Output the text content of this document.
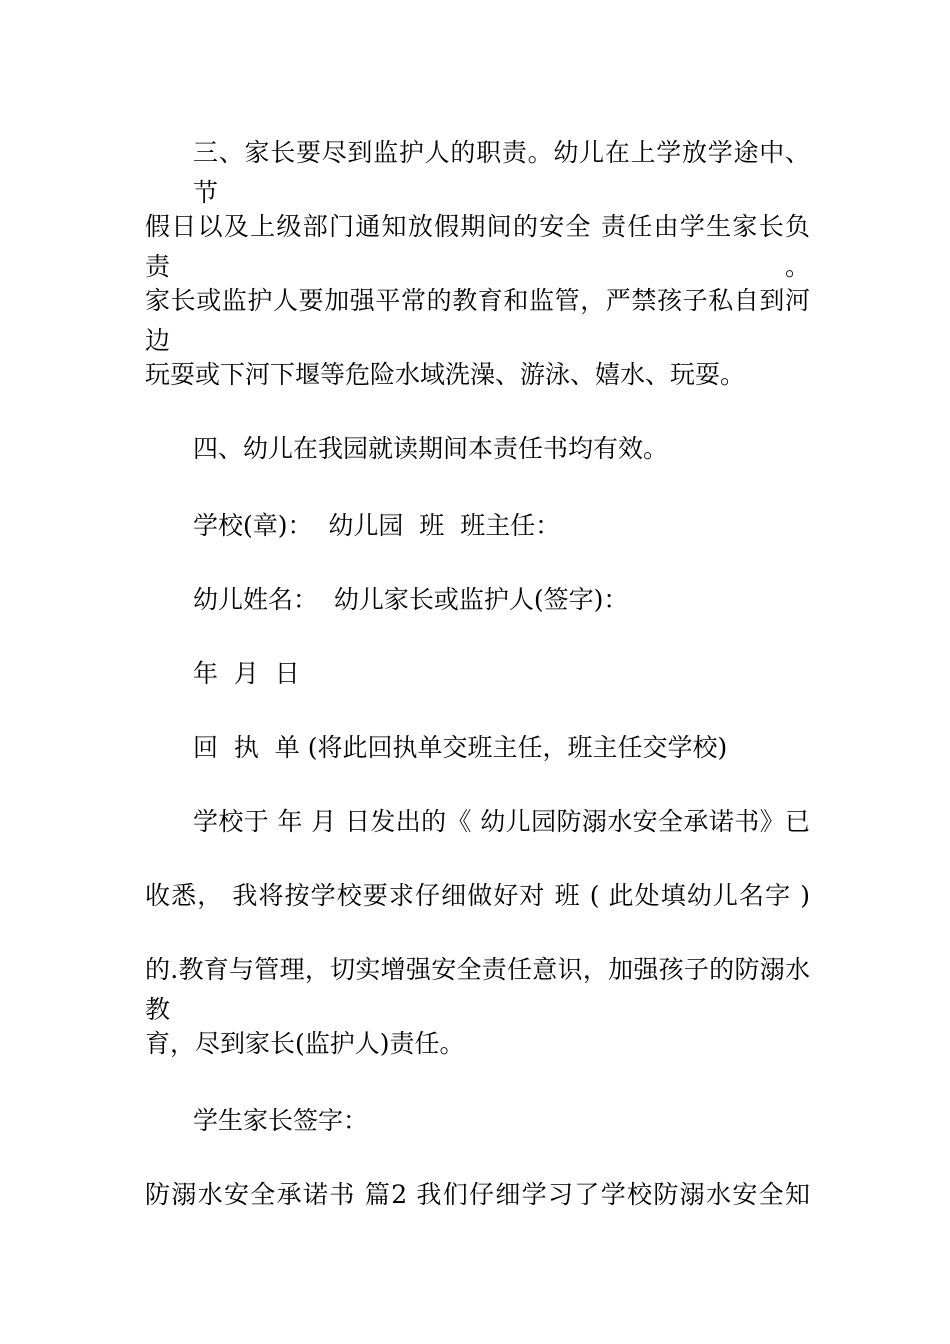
三、家长要尽到监护人的职责。幼儿在上学放学途中、节
假日以及上级部门通知放假期间的安全 责任由学生家长负责。
家长或监护人要加强平常的教育和监管，严禁孩子私自到河边
玩耍或下河下堰等危险水域洗澡、游泳、嬉水、玩耍。
四、幼儿在我园就读期间本责任书均有效。
学校(章)：  幼儿园  班  班主任：
幼儿姓名：  幼儿家长或监护人(签字)：
年  月  日
回  执  单 (将此回执单交班主任，班主任交学校)
学校于 年 月 日发出的《 幼儿园防溺水安全承诺书》已
收悉， 我将按学校要求仔细做好对 班 ( 此处填幼儿名字 )
的.教育与管理，切实增强安全责任意识，加强孩子的防溺水教
育，尽到家长(监护人)责任。
学生家长签字：
防溺水安全承诺书 篇2 我们仔细学习了学校防溺水安全知
